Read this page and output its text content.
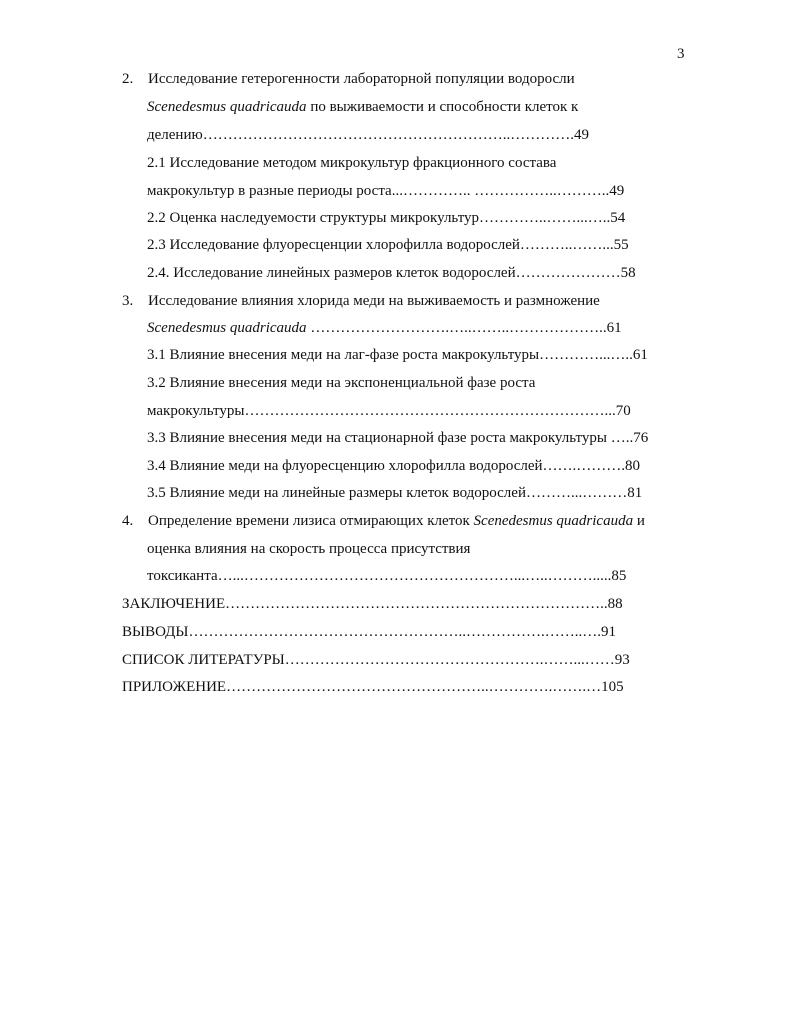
3
2. Исследование гетерогенности лабораторной популяции водоросли
Scenedesmus quadricauda по выживаемости и способности клеток к
делению……………………………………………………..………….49
2.1 Исследование методом микрокультур фракционного состава
макрокультур в разные периоды роста...………….. ……………..………..49
2.2 Оценка наследуемости структуры микрокультур…………..……...…..54
2.3 Исследование флуоресценции хлорофилла водорослей………..……...55
2.4. Исследование линейных размеров клеток водорослей…………………58
3. Исследование влияния хлорида меди на выживаемость и размножение
Scenedesmus quadricauda ……………………….…..……..………………..61
3.1 Влияние внесения меди на лаг-фазе роста макрокультуры…………...…..61
3.2 Влияние внесения меди на экспоненциальной фазе роста
макрокультуры………………………………………………………………...70
3.3 Влияние внесения меди на стационарной фазе роста макрокультуры …..76
3.4 Влияние меди на флуоресценцию хлорофилла водорослей…….……….80
3.5 Влияние меди на линейные размеры клеток водорослей………...………81
4. Определение времени лизиса отмирающих клеток Scenedesmus quadricauda и
оценка влияния на скорость процесса присутствия
токсиканта…...………………………………………………...…..……….....85
ЗАКЛЮЧЕНИЕ…………………………………………………………………..88
ВЫВОДЫ………………………………………………..…………….……..….91
СПИСОК ЛИТЕРАТУРЫ…………………………………………….……...……93
ПРИЛОЖЕНИЕ……………………………………………..………….…….…105
